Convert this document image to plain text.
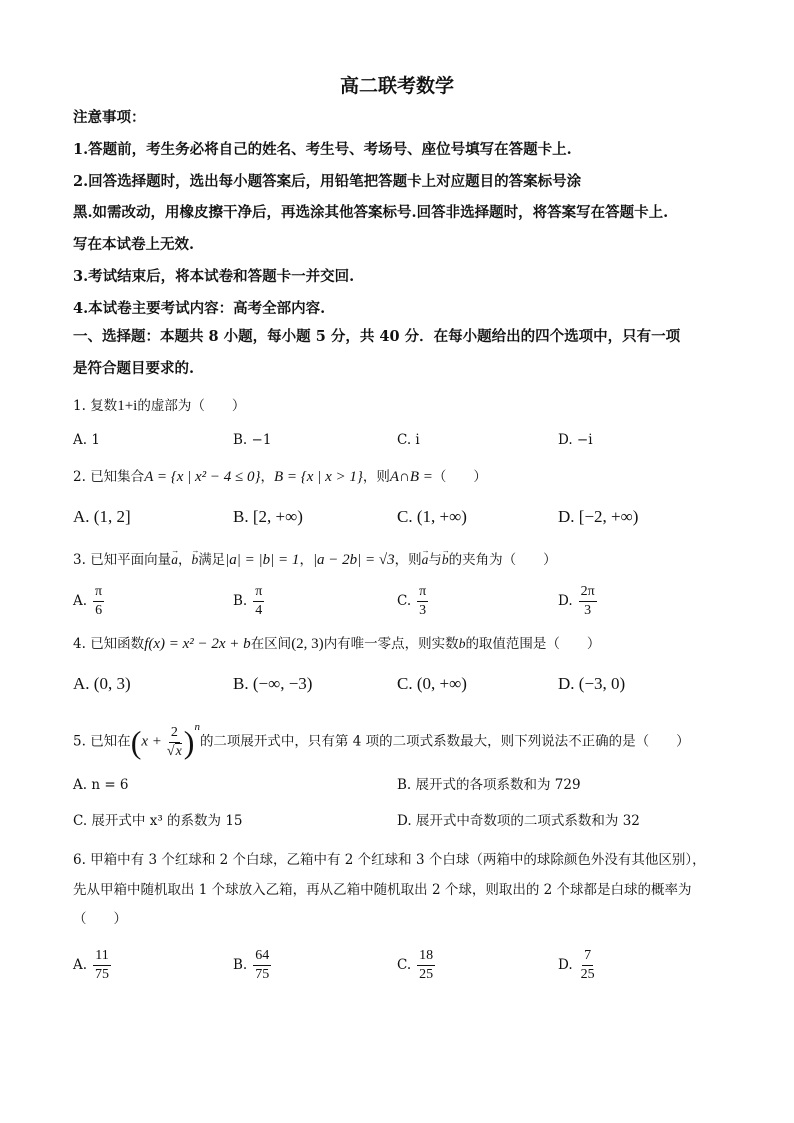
高二联考数学
注意事项：
1.答题前，考生务必将自己的姓名、考生号、考场号、座位号填写在答题卡上.
2.回答选择题时，选出每小题答案后，用铅笔把答题卡上对应题目的答案标号涂
黑.如需改动，用橡皮擦干净后，再选涂其他答案标号.回答非选择题时，将答案写在答题卡上.
写在本试卷上无效.
3.考试结束后，将本试卷和答题卡一并交回.
4.本试卷主要考试内容：高考全部内容.
一、选择题：本题共 8 小题，每小题 5 分，共 40 分．在每小题给出的四个选项中，只有一项
是符合题目要求的.
1. 复数1+i的虚部为（　　）
A. 1	B. −1	C. i	D. −i
2. 已知集合A = {x | x² − 4 ≤ 0}，B = {x | x > 1}，则A∩B =（　　）
A. (1, 2]	B. [2, +∞)	C. (1, +∞)	D. [−2, +∞)
3. 已知平面向量→ a，→ b满足|a| = |b| = 1，|a − 2b| = √3，则→ a与→ b的夹角为（　　）
A. $\frac{\pi}{6}$	B. $\frac{\pi}{4}$	C. $\frac{\pi}{3}$	D. $\frac{2\pi}{3}$
4. 已知函数f(x) = x² − 2x + b在区间(2, 3)内有唯一零点，则实数b的取值范围是（　　）
A. (0, 3)	B. (−∞, −3)	C. (0, +∞)	D. (−3, 0)
5. 已知在$(x + \frac{2}{√x} )^n$的二项展开式中，只有第 4 项的二项式系数最大，则下列说法不正确的是（　　）
A. n = 6	B. 展开式的各项系数和为 729
C. 展开式中 x³ 的系数为 15	D. 展开式中奇数项的二项式系数和为 32
6. 甲箱中有 3 个红球和 2 个白球，乙箱中有 2 个红球和 3 个白球（两箱中的球除颜色外没有其他区别），
先从甲箱中随机取出 1 个球放入乙箱，再从乙箱中随机取出 2 个球，则取出的 2 个球都是白球的概率为
（　　）
A. $\frac{11}{75}$	B. $\frac{64}{75}$	C. $\frac{18}{25}$	D. $\frac{7}{25}$
